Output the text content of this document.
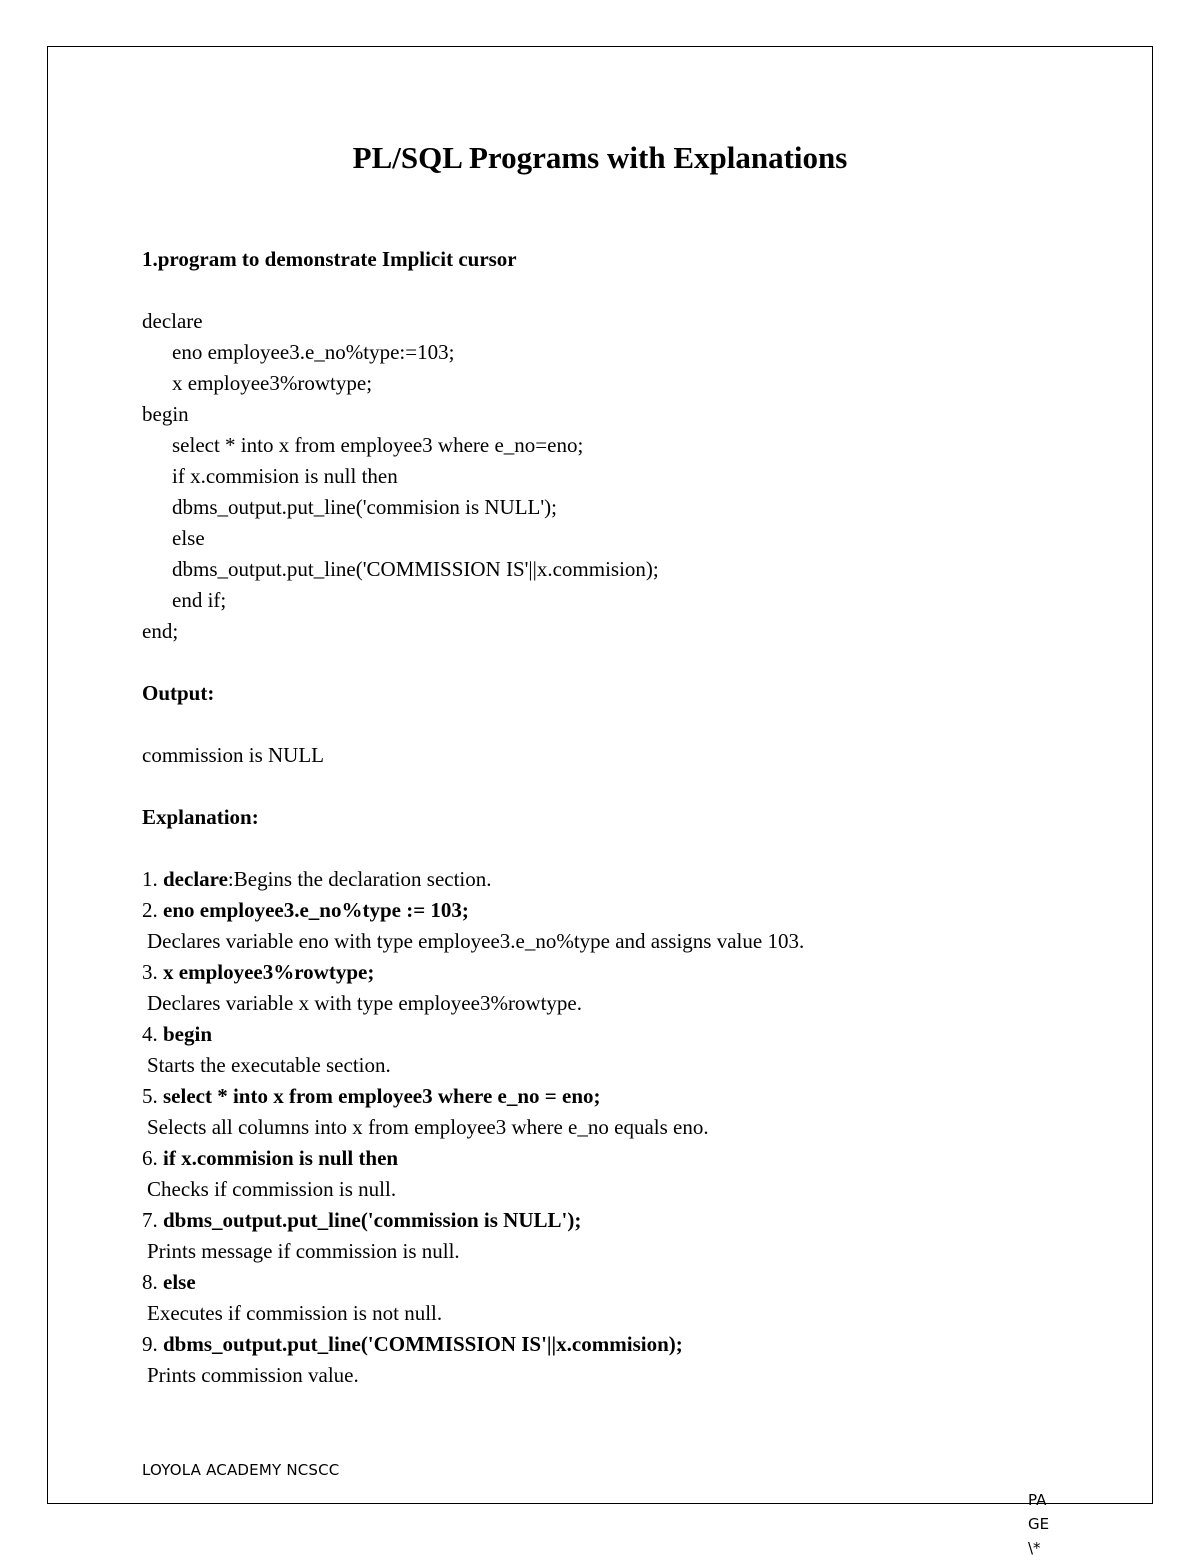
PL/SQL Programs with Explanations
1.program to demonstrate Implicit cursor
declare
eno employee3.e_no%type:=103;
x employee3%rowtype;
begin
select * into x from employee3 where e_no=eno;
if x.commision is null then
dbms_output.put_line('commision is NULL');
else
dbms_output.put_line('COMMISSION IS'||x.commision);
end if;
end;
Output:
commission is NULL
Explanation:
1. declare:Begins the declaration section.
2. eno employee3.e_no%type := 103;
Declares variable eno with type employee3.e_no%type and assigns value 103.
3. x employee3%rowtype;
Declares variable x with type employee3%rowtype.
4. begin
Starts the executable section.
5. select * into x from employee3 where e_no = eno;
Selects all columns into x from employee3 where e_no equals eno.
6. if x.commision is null then
Checks if commission is null.
7. dbms_output.put_line('commission is NULL');
Prints message if commission is null.
8. else
Executes if commission is not null.
9. dbms_output.put_line('COMMISSION IS'||x.commision);
Prints commission value.
LOYOLA ACADEMY NCSCC
PA
GE
\*
